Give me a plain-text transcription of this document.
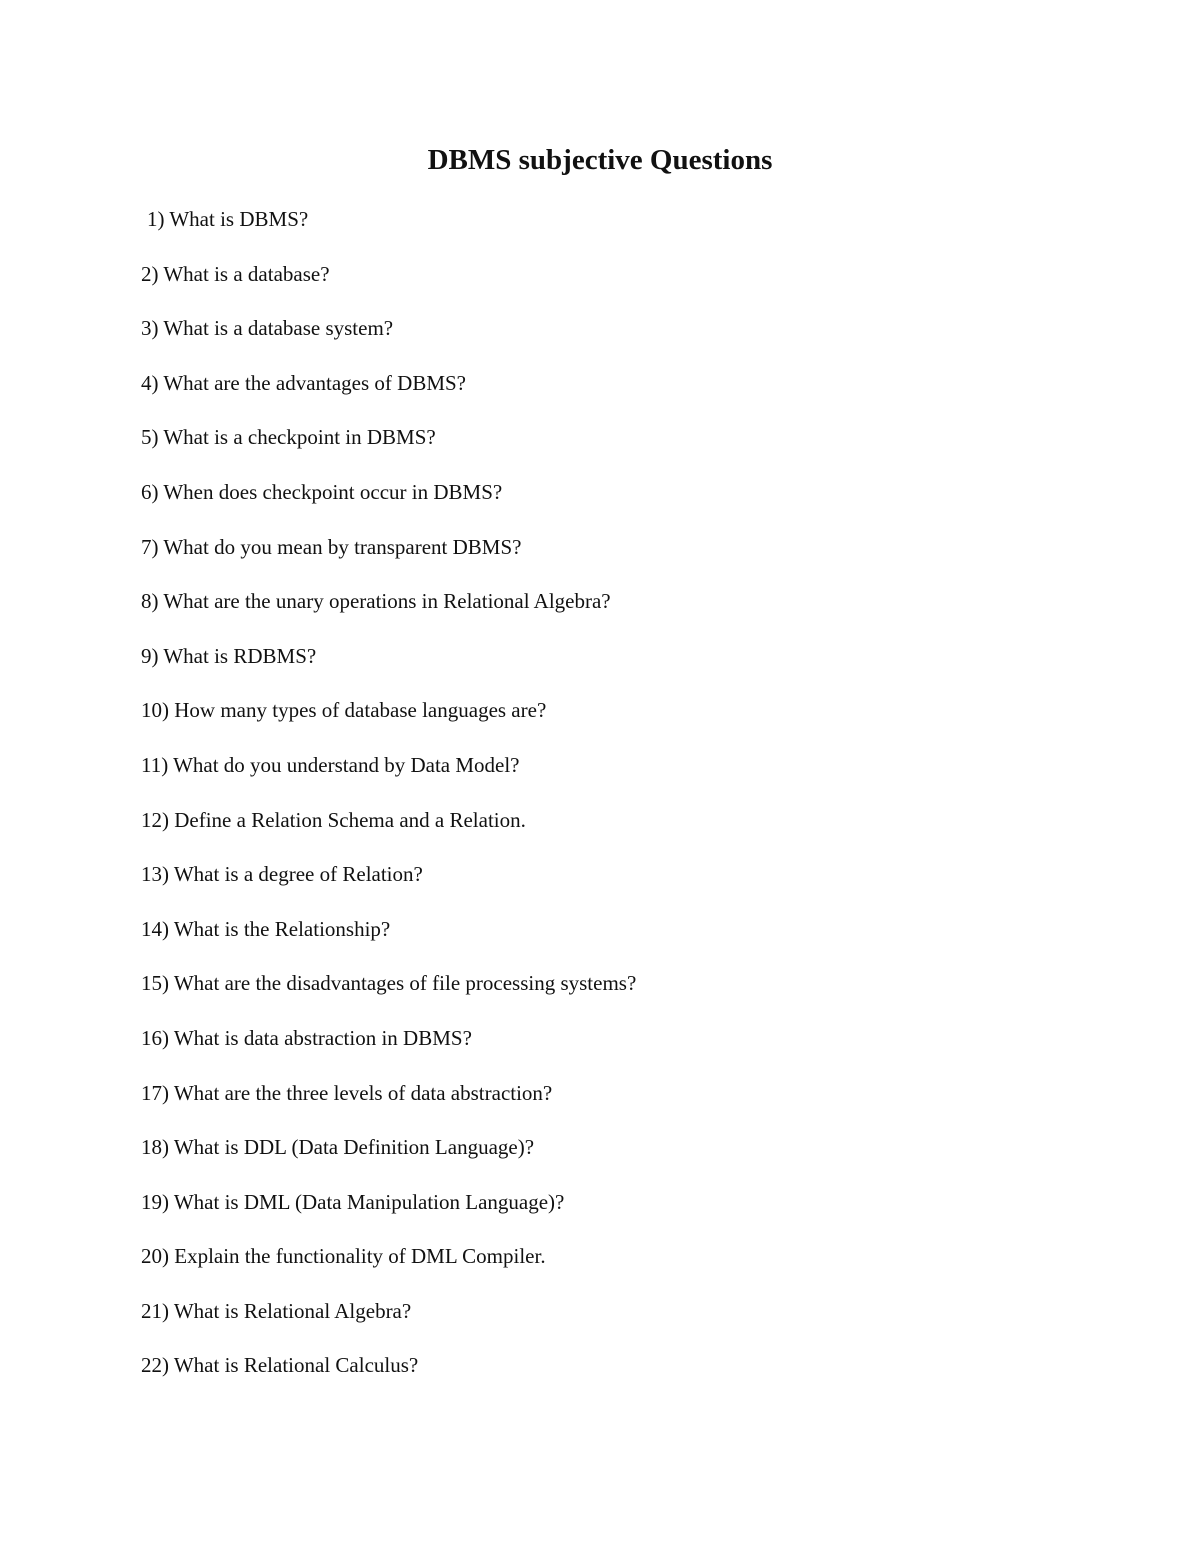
DBMS subjective Questions
1) What is DBMS?
2) What is a database?
3) What is a database system?
4) What are the advantages of DBMS?
5) What is a checkpoint in DBMS?
6) When does checkpoint occur in DBMS?
7) What do you mean by transparent DBMS?
8) What are the unary operations in Relational Algebra?
9) What is RDBMS?
10) How many types of database languages are?
11) What do you understand by Data Model?
12) Define a Relation Schema and a Relation.
13) What is a degree of Relation?
14) What is the Relationship?
15) What are the disadvantages of file processing systems?
16) What is data abstraction in DBMS?
17) What are the three levels of data abstraction?
18) What is DDL (Data Definition Language)?
19) What is DML (Data Manipulation Language)?
20) Explain the functionality of DML Compiler.
21) What is Relational Algebra?
22) What is Relational Calculus?
